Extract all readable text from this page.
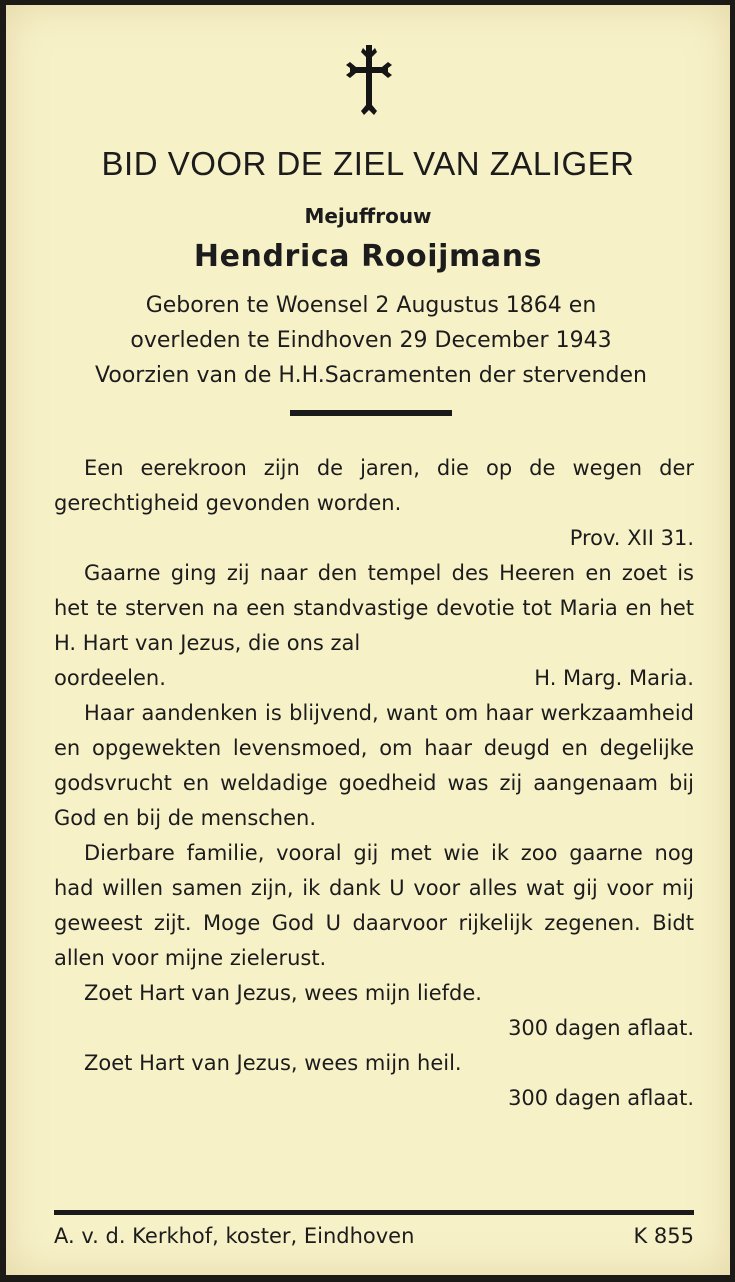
BID VOOR DE ZIEL VAN ZALIGER
Mejuffrouw
Hendrica Rooijmans
Geboren te Woensel 2 Augustus 1864 en
overleden te Eindhoven 29 December 1943
Voorzien van de H.H.Sacramenten der stervenden

Een eerekroon zijn de jaren, die op de wegen der gerechtigheid gevonden worden.

Prov. XII 31.

Gaarne ging zij naar den tempel des Heeren en zoet is het te sterven na een standvastige devotie tot Maria en het H. Hart van Jezus, die ons zal

oordeelen.	H. Marg. Maria.

Haar aandenken is blijvend, want om haar werkzaamheid en opgewekten levensmoed, om haar deugd en degelijke godsvrucht en weldadige goedheid was zij aangenaam bij God en bij de menschen.

Dierbare familie, vooral gij met wie ik zoo gaarne nog had willen samen zijn, ik dank U voor alles wat gij voor mij geweest zijt. Moge God U daarvoor rijkelijk zegenen. Bidt allen voor mijne zielerust.

Zoet Hart van Jezus, wees mijn liefde.

300 dagen aflaat.

Zoet Hart van Jezus, wees mijn heil.

300 dagen aflaat.

A. v. d. Kerkhof, koster, Eindhoven	K 855
